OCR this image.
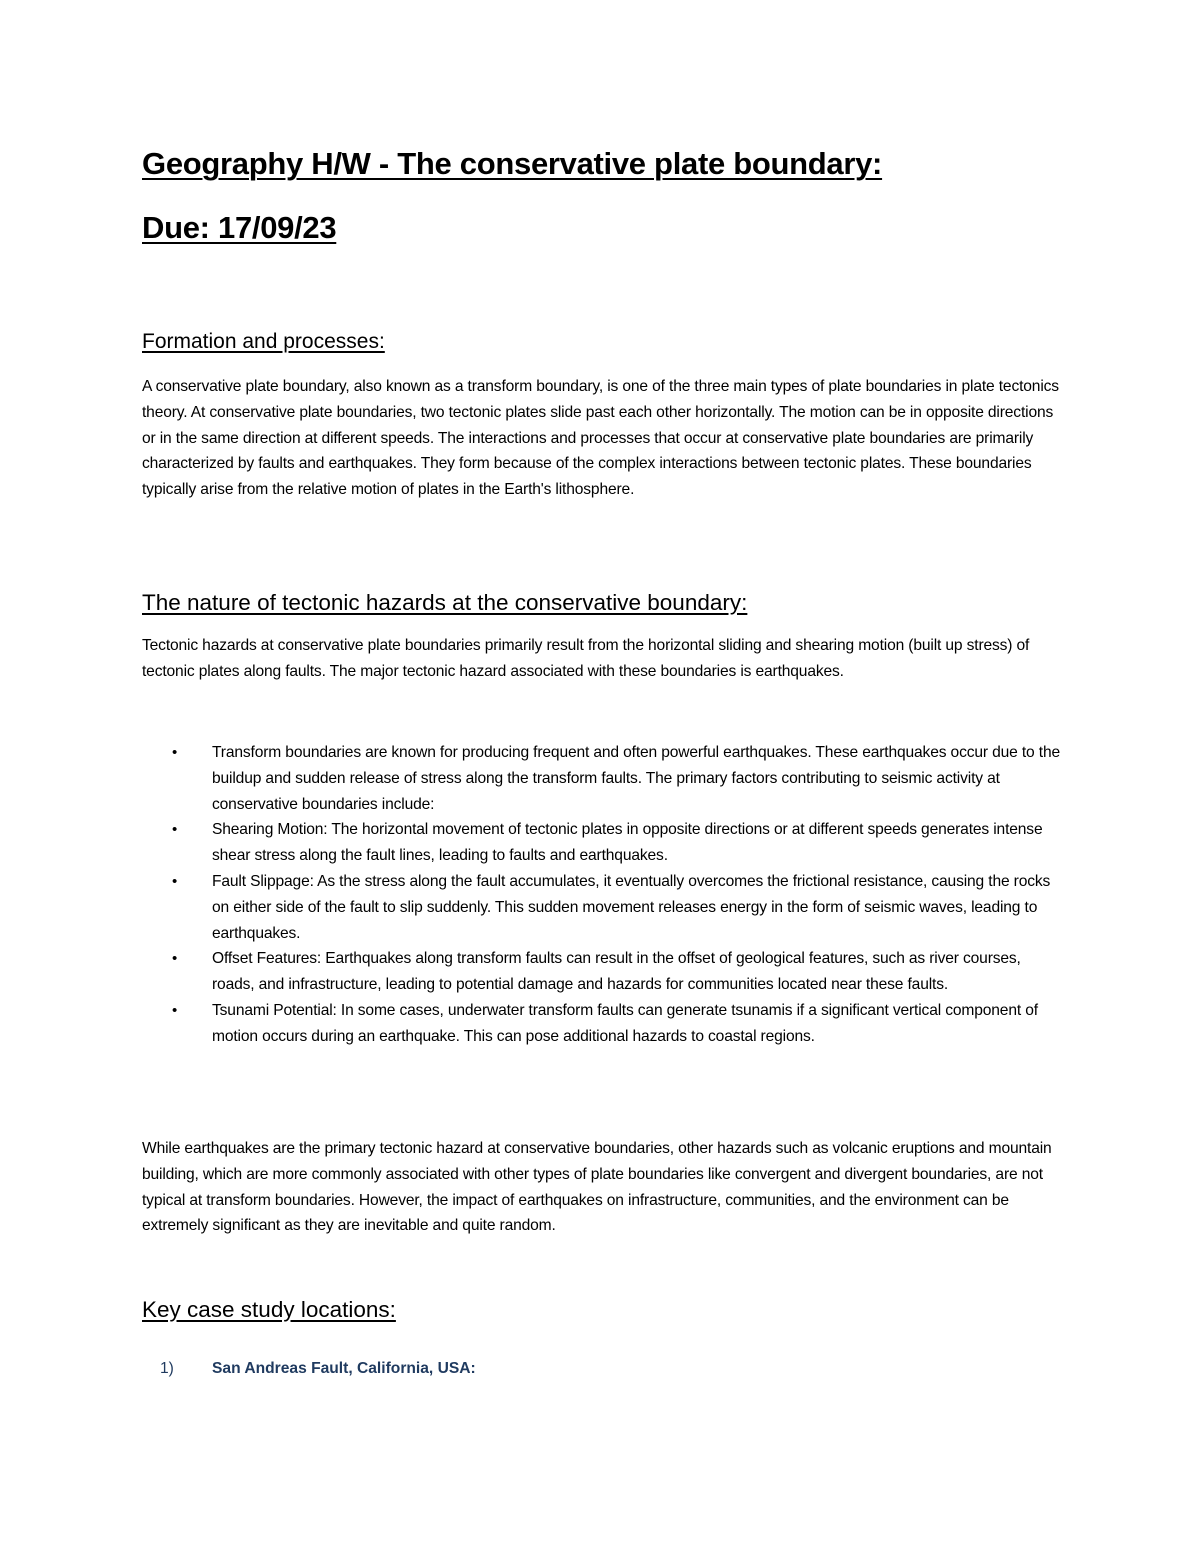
Geography H/W - The conservative plate boundary:
Due: 17/09/23
Formation and processes:

A conservative plate boundary, also known as a transform boundary, is one of the three main types of plate boundaries in plate tectonics theory. At conservative plate boundaries, two tectonic plates slide past each other horizontally. The motion can be in opposite directions or in the same direction at different speeds. The interactions and processes that occur at conservative plate boundaries are primarily characterized by faults and earthquakes. They form because of the complex interactions between tectonic plates. These boundaries typically arise from the relative motion of plates in the Earth's lithosphere.

The nature of tectonic hazards at the conservative boundary:

Tectonic hazards at conservative plate boundaries primarily result from the horizontal sliding and shearing motion (built up stress) of tectonic plates along faults. The major tectonic hazard associated with these boundaries is earthquakes.

• Transform boundaries are known for producing frequent and often powerful earthquakes. These earthquakes occur due to the buildup and sudden release of stress along the transform faults. The primary factors contributing to seismic activity at conservative boundaries include:
• Shearing Motion: The horizontal movement of tectonic plates in opposite directions or at different speeds generates intense shear stress along the fault lines, leading to faults and earthquakes.
• Fault Slippage: As the stress along the fault accumulates, it eventually overcomes the frictional resistance, causing the rocks on either side of the fault to slip suddenly. This sudden movement releases energy in the form of seismic waves, leading to earthquakes.
• Offset Features: Earthquakes along transform faults can result in the offset of geological features, such as river courses, roads, and infrastructure, leading to potential damage and hazards for communities located near these faults.
• Tsunami Potential: In some cases, underwater transform faults can generate tsunamis if a significant vertical component of motion occurs during an earthquake. This can pose additional hazards to coastal regions.

While earthquakes are the primary tectonic hazard at conservative boundaries, other hazards such as volcanic eruptions and mountain building, which are more commonly associated with other types of plate boundaries like convergent and divergent boundaries, are not typical at transform boundaries. However, the impact of earthquakes on infrastructure, communities, and the environment can be extremely significant as they are inevitable and quite random.

Key case study locations:
1) San Andreas Fault, California, USA:
